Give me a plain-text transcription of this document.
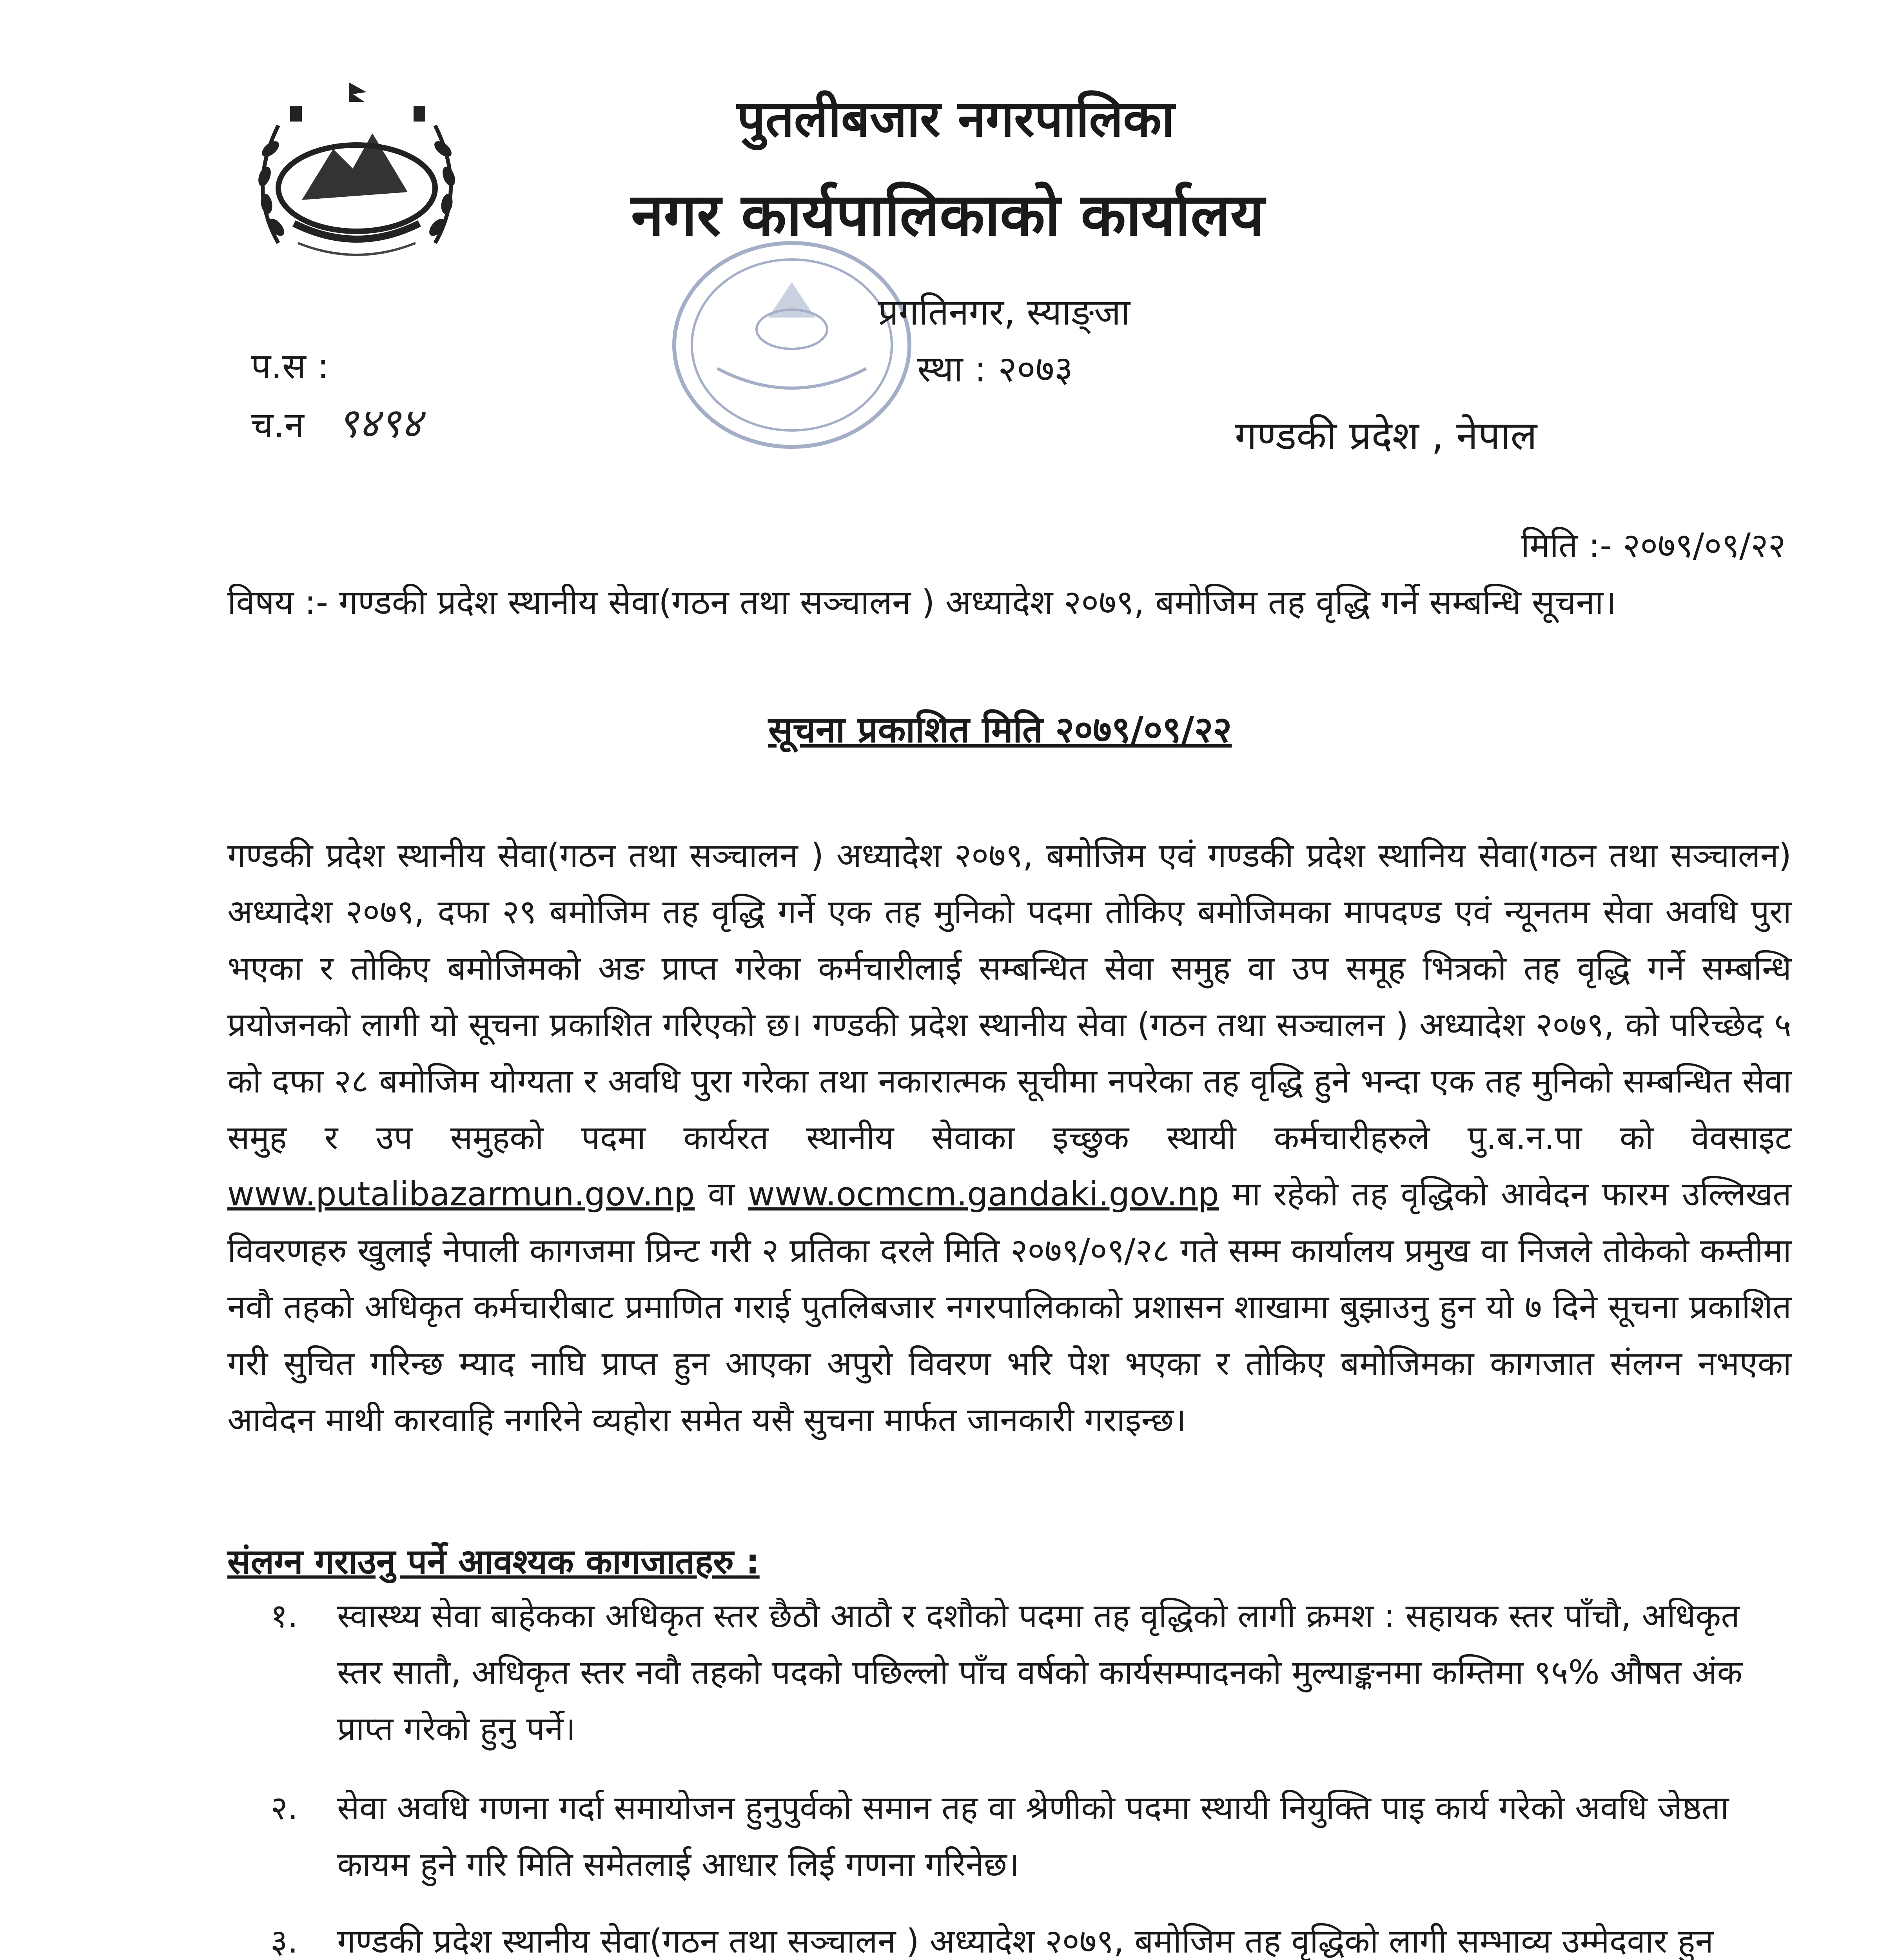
पुतलीबजार नगरपालिका
नगर कार्यपालिकाको कार्यालय
प्रगतिनगर, स्याङ्जा
स्था : २०७३
गण्डकी प्रदेश , नेपाल
प.स :
च.न ९४९४
मिति :- २०७९/०९/२२
विषय :- गण्डकी प्रदेश स्थानीय सेवा(गठन तथा सञ्चालन ) अध्यादेश २०७९, बमोजिम तह वृद्धि गर्ने सम्बन्धि सूचना।
सूचना प्रकाशित मिति २०७९/०९/२२
गण्डकी प्रदेश स्थानीय सेवा(गठन तथा सञ्चालन ) अध्यादेश २०७९, बमोजिम एवं गण्डकी प्रदेश स्थानिय सेवा(गठन तथा सञ्चालन) अध्यादेश २०७९, दफा २९ बमोजिम तह वृद्धि गर्ने एक तह मुनिको पदमा तोकिए बमोजिमका मापदण्ड एवं न्यूनतम सेवा अवधि पुरा भएका र तोकिए बमोजिमको अङ प्राप्त गरेका कर्मचारीलाई सम्बन्धित सेवा समुह वा उप समूह भित्रको तह वृद्धि गर्ने सम्बन्धि प्रयोजनको लागी यो सूचना प्रकाशित गरिएको छ। गण्डकी प्रदेश स्थानीय सेवा (गठन तथा सञ्चालन ) अध्यादेश २०७९, को परिच्छेद ५ को दफा २८ बमोजिम योग्यता र अवधि पुरा गरेका तथा नकारात्मक सूचीमा नपरेका तह वृद्धि हुने भन्दा एक तह मुनिको सम्बन्धित सेवा समुह र उप समुहको पदमा कार्यरत स्थानीय सेवाका इच्छुक स्थायी कर्मचारीहरुले पु.ब.न.पा को वेवसाइट www.putalibazarmun.gov.np वा www.ocmcm.gandaki.gov.np मा रहेको तह वृद्धिको आवेदन फारम उल्लिखत विवरणहरु खुलाई नेपाली कागजमा प्रिन्ट गरी २ प्रतिका दरले मिति २०७९/०९/२८ गते सम्म कार्यालय प्रमुख वा निजले तोकेको कम्तीमा नवौ तहको अधिकृत कर्मचारीबाट प्रमाणित गराई पुतलिबजार नगरपालिकाको प्रशासन शाखामा बुझाउनु हुन यो ७ दिने सूचना प्रकाशित गरी सुचित गरिन्छ म्याद नाघि प्राप्त हुन आएका अपुरो विवरण भरि पेश भएका र तोकिए बमोजिमका कागजात संलग्न नभएका आवेदन माथी कारवाहि नगरिने व्यहोरा समेत यसै सुचना मार्फत जानकारी गराइन्छ।
संलग्न गराउनु पर्ने आवश्यक कागजातहरु :
१.	स्वास्थ्य सेवा बाहेकका अधिकृत स्तर छैठौ आठौ र दशौको पदमा तह वृद्धिको लागी क्रमश : सहायक स्तर पाँचौ, अधिकृत स्तर सातौ, अधिकृत स्तर नवौ तहको पदको पछिल्लो पाँच वर्षको कार्यसम्पादनको मुल्याङ्कनमा कम्तिमा ९५% औषत अंक प्राप्त गरेको हुनु पर्ने।
२.	सेवा अवधि गणना गर्दा समायोजन हुनुपुर्वको समान तह वा श्रेणीको पदमा स्थायी नियुक्ति पाइ कार्य गरेको अवधि जेष्ठता कायम हुने गरि मिति समेतलाई आधार लिई गणना गरिनेछ।
३.	गण्डकी प्रदेश स्थानीय सेवा(गठन तथा सञ्चालन ) अध्यादेश २०७९, बमोजिम तह वृद्धिको लागी सम्भाव्य उम्मेदवार हुन
